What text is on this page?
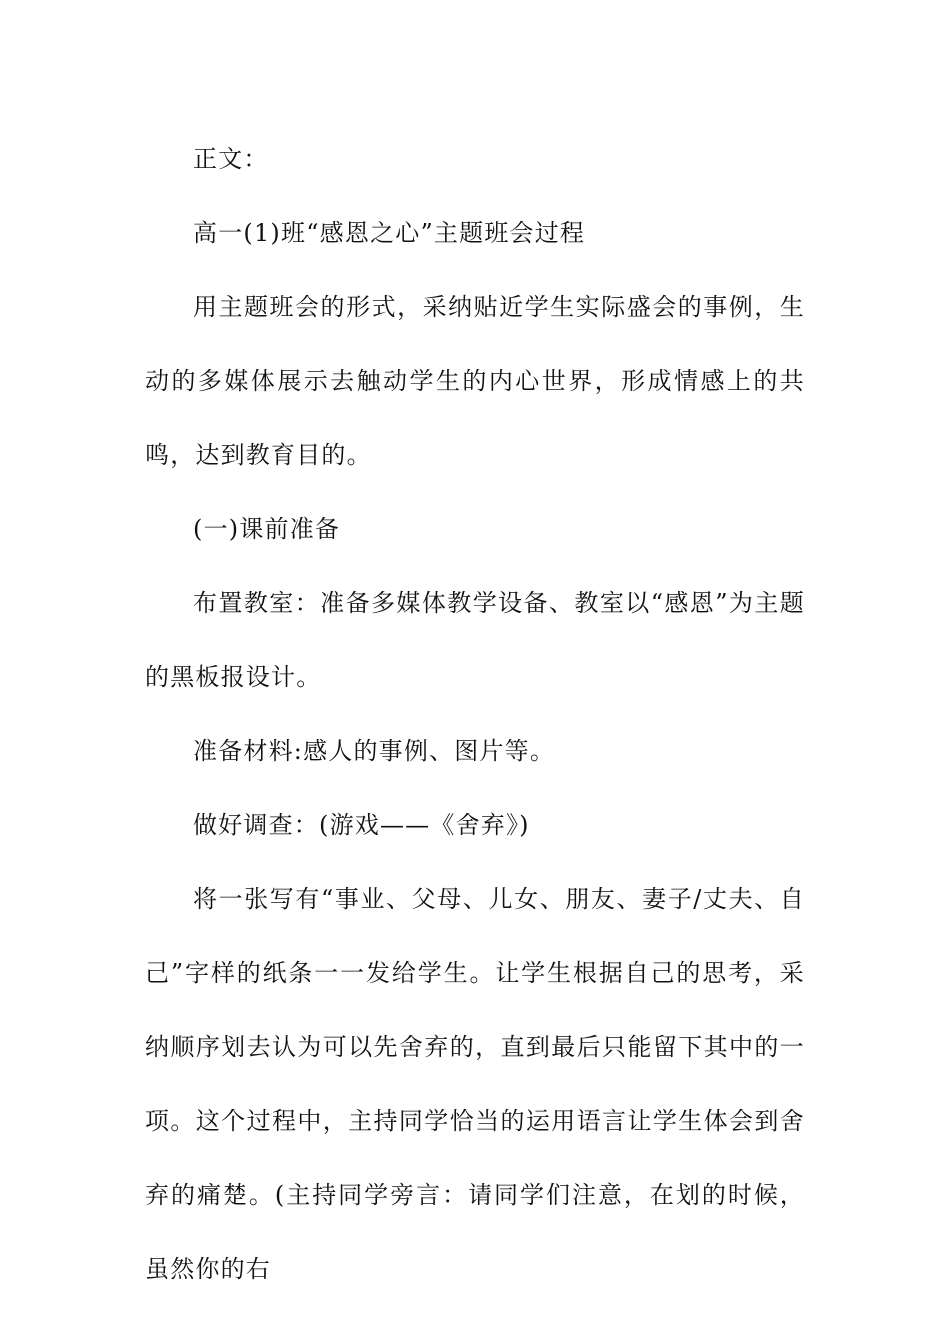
正文：

高一(1)班“感恩之心”主题班会过程

用主题班会的形式，采纳贴近学生实际盛会的事例，生动的多媒体展示去触动学生的内心世界，形成情感上的共鸣，达到教育目的。

(一)课前准备

布置教室：准备多媒体教学设备、教室以“感恩”为主题的黑板报设计。

准备材料:感人的事例、图片等。

做好调查：(游戏——《舍弃》)

将一张写有“事业、父母、儿女、朋友、妻子/丈夫、自己”字样的纸条一一发给学生。让学生根据自己的思考，采纳顺序划去认为可以先舍弃的，直到最后只能留下其中的一项。这个过程中，主持同学恰当的运用语言让学生体会到舍弃的痛楚。(主持同学旁言：请同学们注意，在划的时候，虽然你的右
